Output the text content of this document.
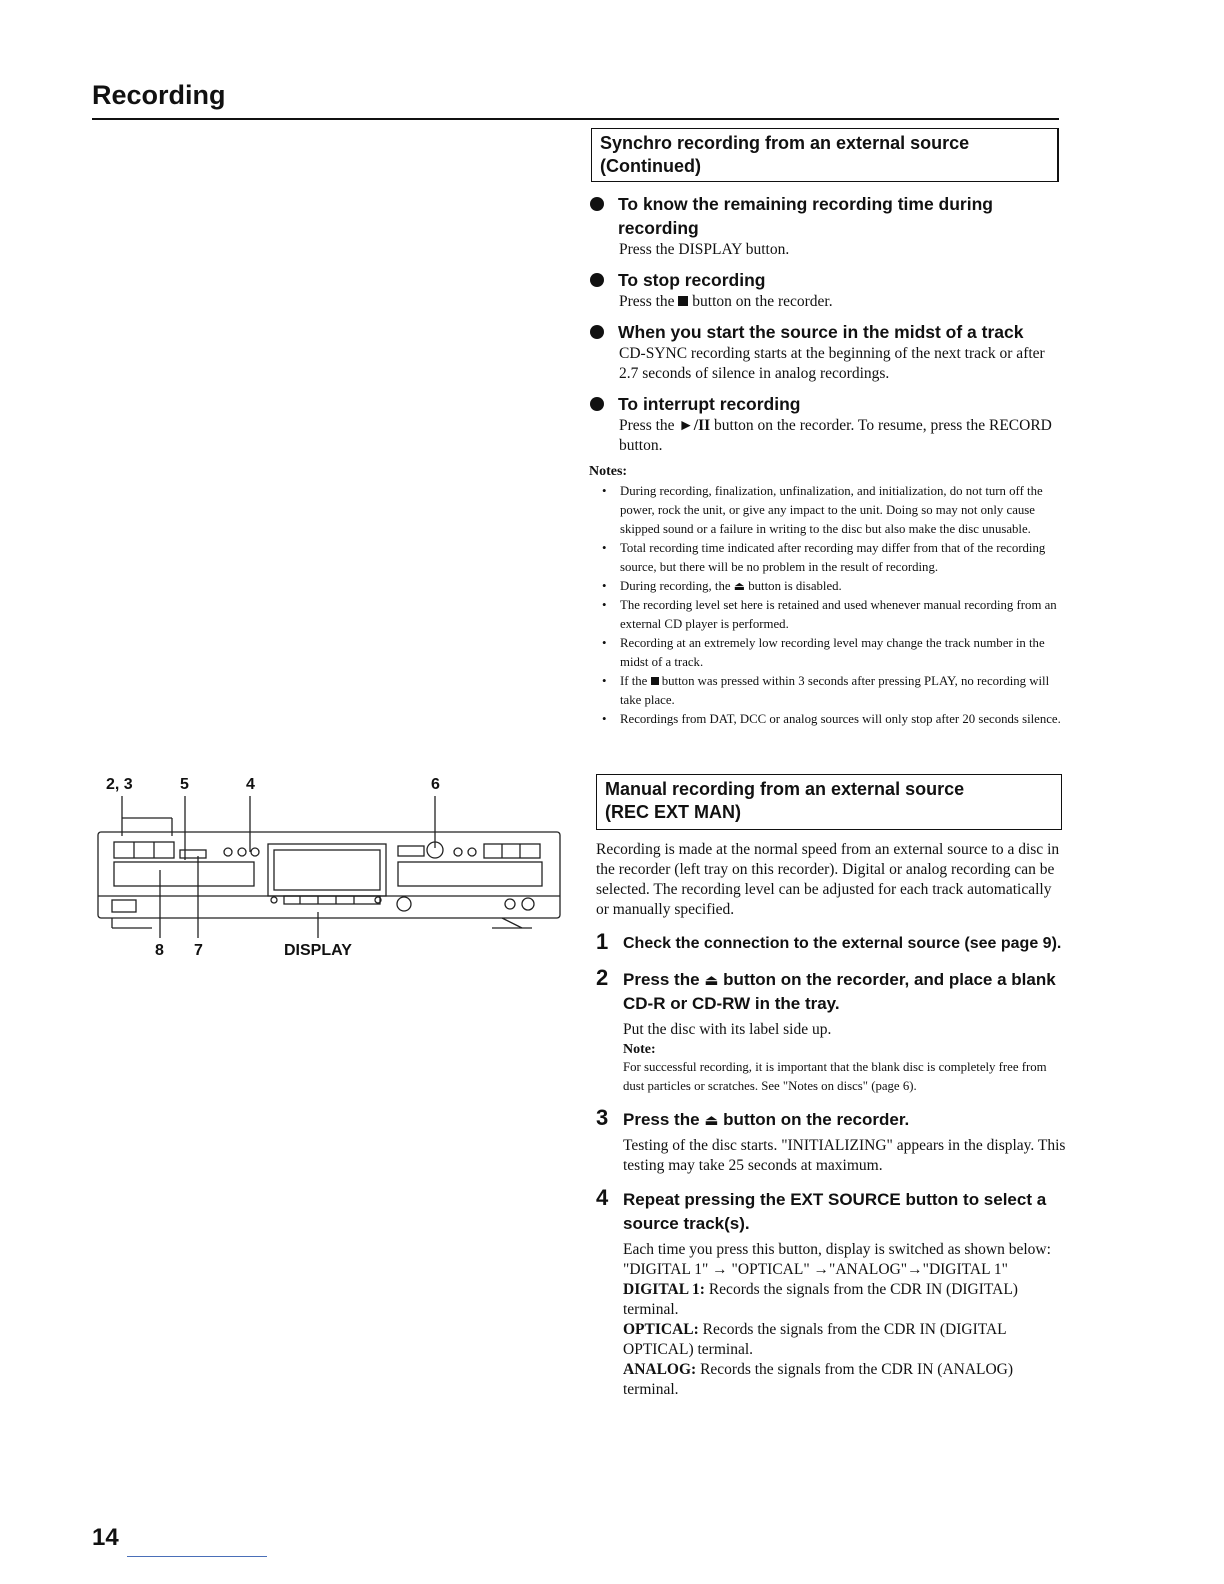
Recording
Synchro recording from an external source
(Continued)

To know the remaining recording time during recording

Press the DISPLAY button.

To stop recording

Press the  button on the recorder.

When you start the source in the midst of a track

CD-SYNC recording starts at the beginning of the next track or after 2.7 seconds of silence in analog recordings.

To interrupt recording

Press the ►/II button on the recorder. To resume, press the RECORD button.

Notes:

• During recording, finalization, unfinalization, and initialization, do not turn off the power, rock the unit, or give any impact to the unit. Doing so may not only cause skipped sound or a failure in writing to the disc but also make the disc unusable.
• Total recording time indicated after recording may differ from that of the recording source, but there will be no problem in the result of recording.
• During recording, the ⏏ button is disabled.
• The recording level set here is retained and used whenever manual recording from an external CD player is performed.
• Recording at an extremely low recording level may change the track number in the midst of a track.
• If the  button was pressed within 3 seconds after pressing PLAY, no recording will take place.
• Recordings from DAT, DCC or analog sources will only stop after 20 seconds silence.
Manual recording from an external source
(REC EXT MAN)

Recording is made at the normal speed from an external source to a disc in the recorder (left tray on this recorder). Digital or analog recording can be selected. The recording level can be adjusted for each track automatically or manually specified.

1 Check the connection to the external source (see page 9).

2 Press the ⏏ button on the recorder, and place a blank CD-R or CD-RW in the tray.

Put the disc with its label side up.

Note:

For successful recording, it is important that the blank disc is completely free from dust particles or scratches. See "Notes on discs" (page 6).

3 Press the ⏏ button on the recorder.

Testing of the disc starts. "INITIALIZING" appears in the display. This testing may take 25 seconds at maximum.

4 Repeat pressing the EXT SOURCE button to select a source track(s).

Each time you press this button, display is switched as shown below:

"DIGITAL 1" → "OPTICAL" →"ANALOG"→"DIGITAL 1"

DIGITAL 1: Records the signals from the CDR IN (DIGITAL) terminal.

OPTICAL: Records the signals from the CDR IN (DIGITAL OPTICAL) terminal.

ANALOG: Records the signals from the CDR IN (ANALOG) terminal.

2, 3	5	4	6
8 7	DISPLAY
14
